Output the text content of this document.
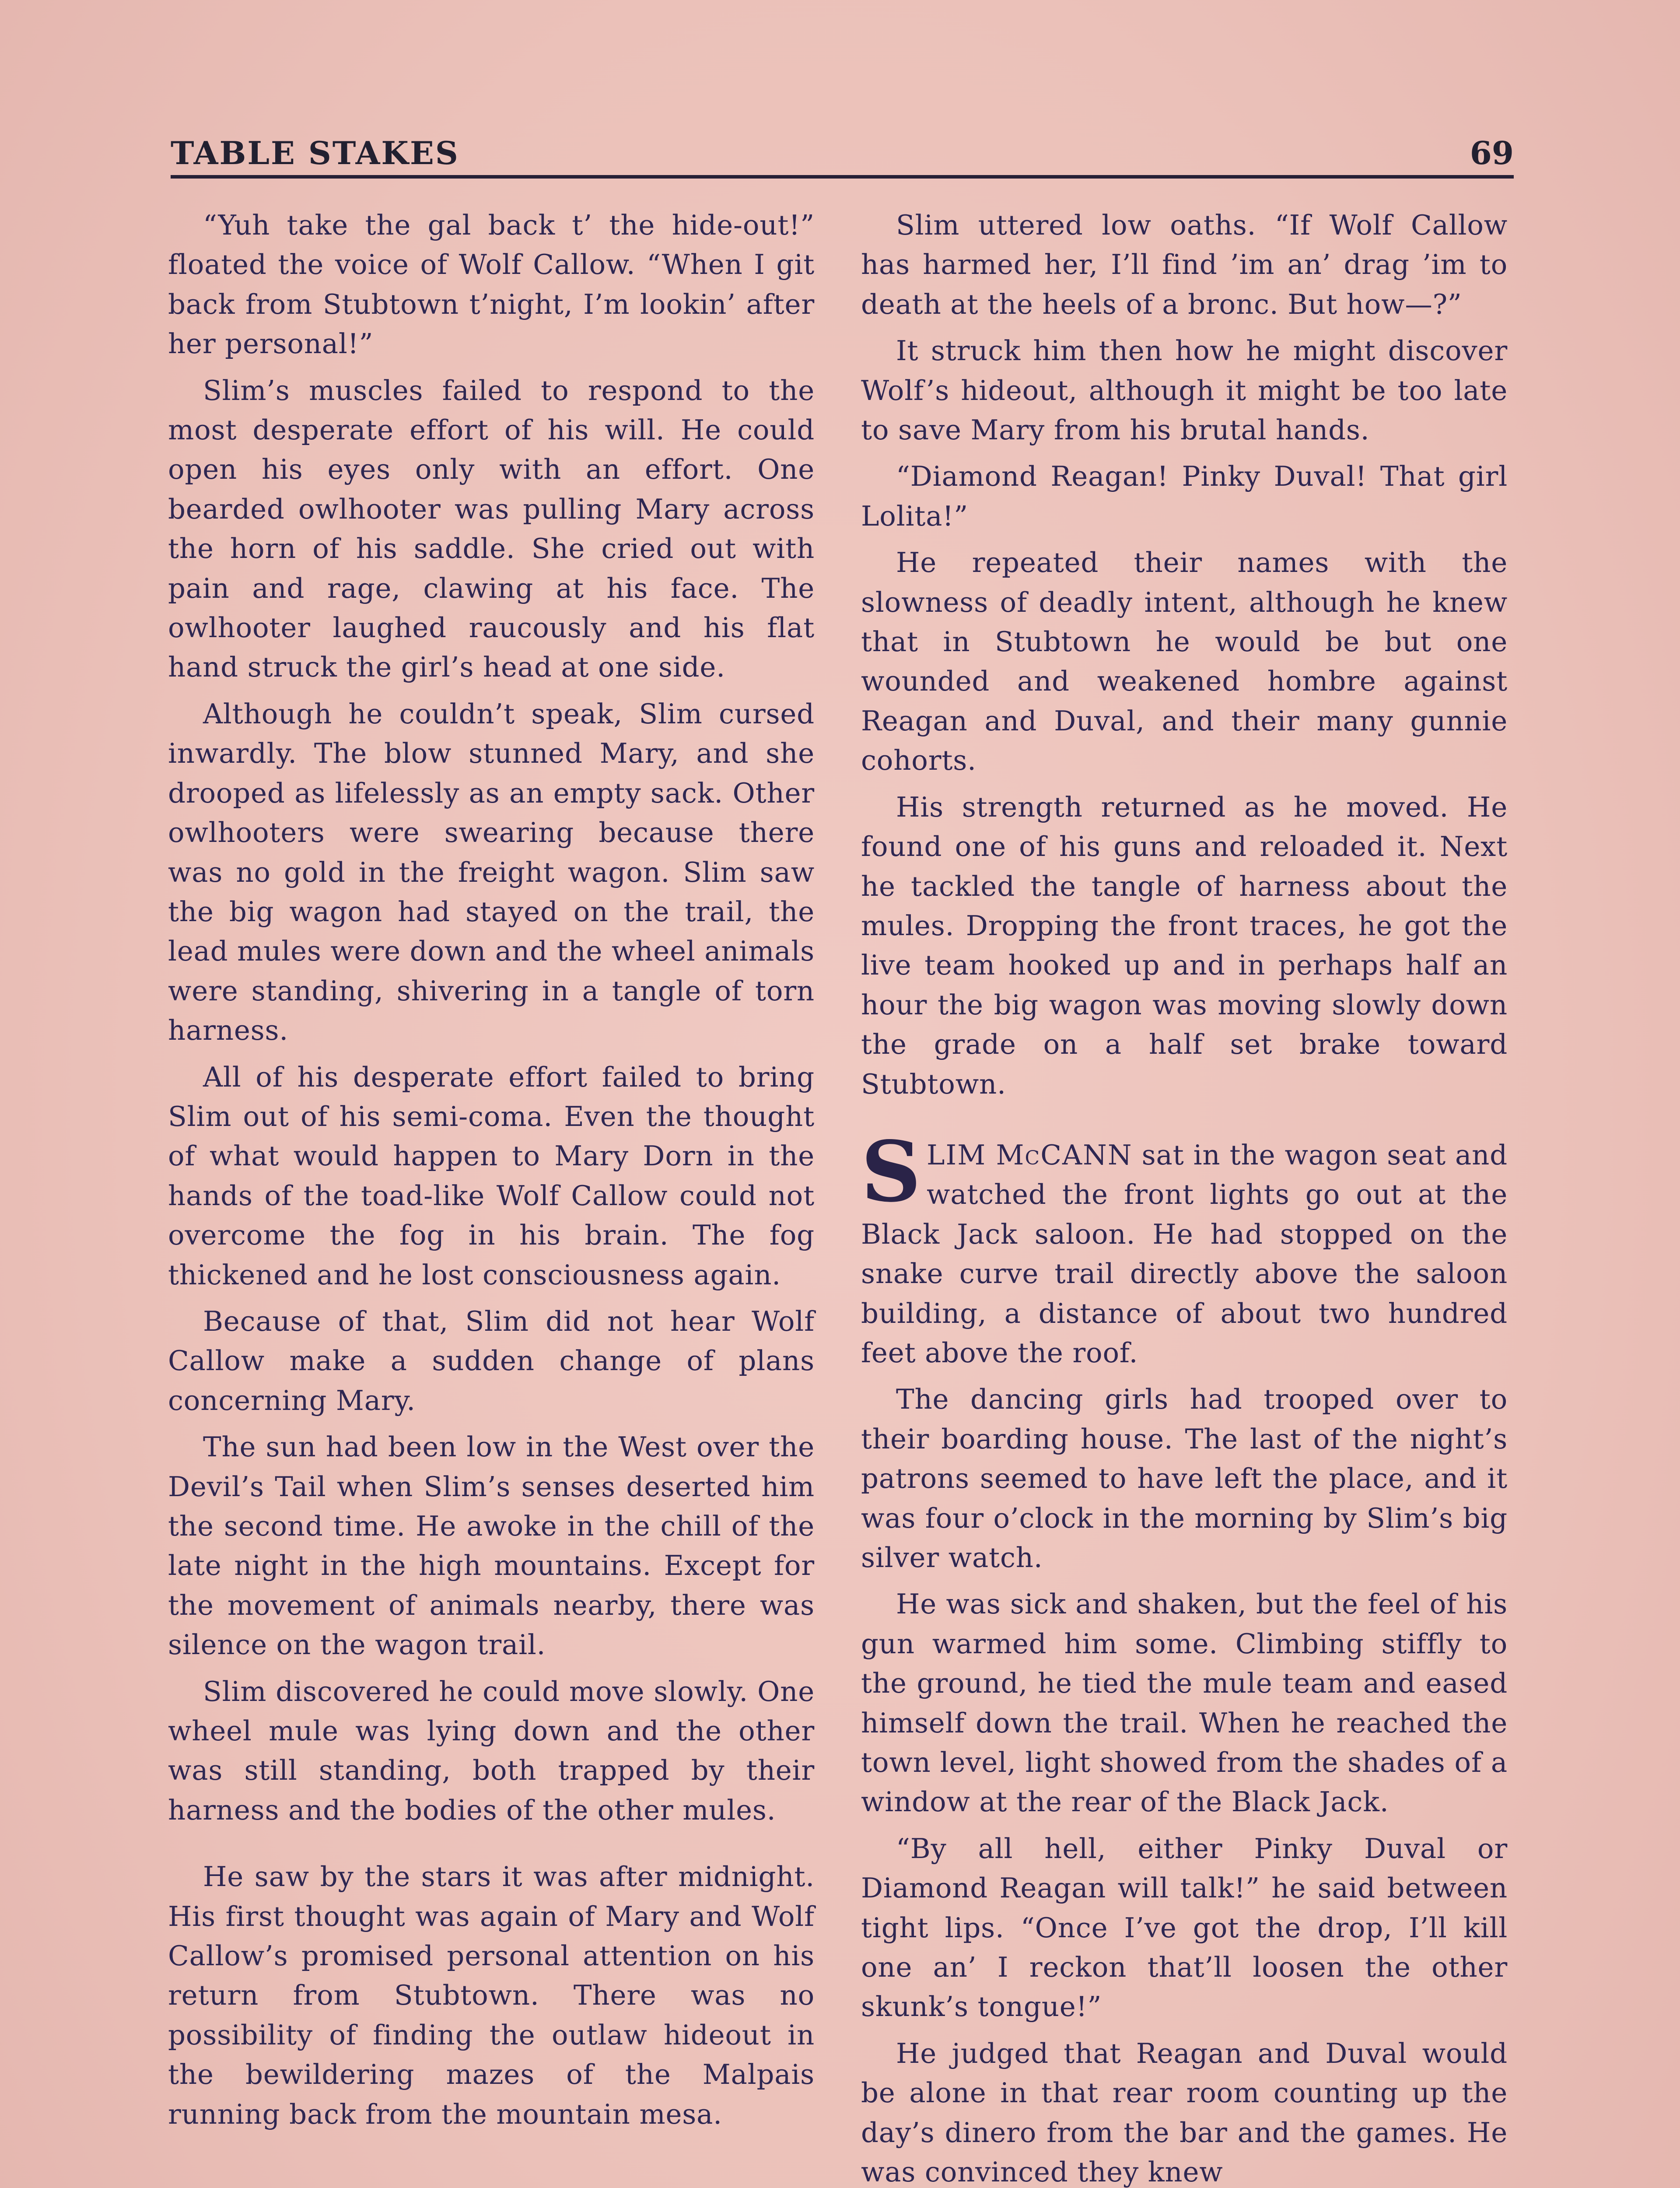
TABLE STAKES	69

“Yuh take the gal back t’ the hide-out!” floated the voice of Wolf Callow. “When I git back from Stubtown t’night, I’m lookin’ after her personal!”

Slim’s muscles failed to respond to the most desperate effort of his will. He could open his eyes only with an effort. One bearded owlhooter was pulling Mary across the horn of his saddle. She cried out with pain and rage, clawing at his face. The owlhooter laughed raucously and his flat hand struck the girl’s head at one side.

Although he couldn’t speak, Slim cursed inwardly. The blow stunned Mary, and she drooped as lifelessly as an empty sack. Other owlhooters were swearing because there was no gold in the freight wagon. Slim saw the big wagon had stayed on the trail, the lead mules were down and the wheel animals were standing, shivering in a tangle of torn harness.

All of his desperate effort failed to bring Slim out of his semi-coma. Even the thought of what would happen to Mary Dorn in the hands of the toad-like Wolf Callow could not overcome the fog in his brain. The fog thickened and he lost consciousness again.

Because of that, Slim did not hear Wolf Callow make a sudden change of plans concerning Mary.

The sun had been low in the West over the Devil’s Tail when Slim’s senses deserted him the second time. He awoke in the chill of the late night in the high mountains. Except for the movement of animals nearby, there was silence on the wagon trail.

Slim discovered he could move slowly. One wheel mule was lying down and the other was still standing, both trapped by their harness and the bodies of the other mules.

He saw by the stars it was after midnight. His first thought was again of Mary and Wolf Callow’s promised personal attention on his return from Stubtown. There was no possibility of finding the outlaw hideout in the bewildering mazes of the Malpais running back from the mountain mesa.

Slim uttered low oaths. “If Wolf Callow has harmed her, I’ll find ’im an’ drag ’im to death at the heels of a bronc. But how—?”

It struck him then how he might discover Wolf’s hideout, although it might be too late to save Mary from his brutal hands.

“Diamond Reagan! Pinky Duval! That girl Lolita!”

He repeated their names with the slowness of deadly intent, although he knew that in Stubtown he would be but one wounded and weakened hombre against Reagan and Duval, and their many gunnie cohorts.

His strength returned as he moved. He found one of his guns and reloaded it. Next he tackled the tangle of harness about the mules. Dropping the front traces, he got the live team hooked up and in perhaps half an hour the big wagon was moving slowly down the grade on a half set brake toward Stubtown.

SLIM McCANN sat in the wagon seat and watched the front lights go out at the Black Jack saloon. He had stopped on the snake curve trail directly above the saloon building, a distance of about two hundred feet above the roof.

The dancing girls had trooped over to their boarding house. The last of the night’s patrons seemed to have left the place, and it was four o’clock in the morning by Slim’s big silver watch.

He was sick and shaken, but the feel of his gun warmed him some. Climbing stiffly to the ground, he tied the mule team and eased himself down the trail. When he reached the town level, light showed from the shades of a window at the rear of the Black Jack.

“By all hell, either Pinky Duval or Diamond Reagan will talk!” he said between tight lips. “Once I’ve got the drop, I’ll kill one an’ I reckon that’ll loosen the other skunk’s tongue!”

He judged that Reagan and Duval would be alone in that rear room counting up the day’s dinero from the bar and the games. He was convinced they knew
